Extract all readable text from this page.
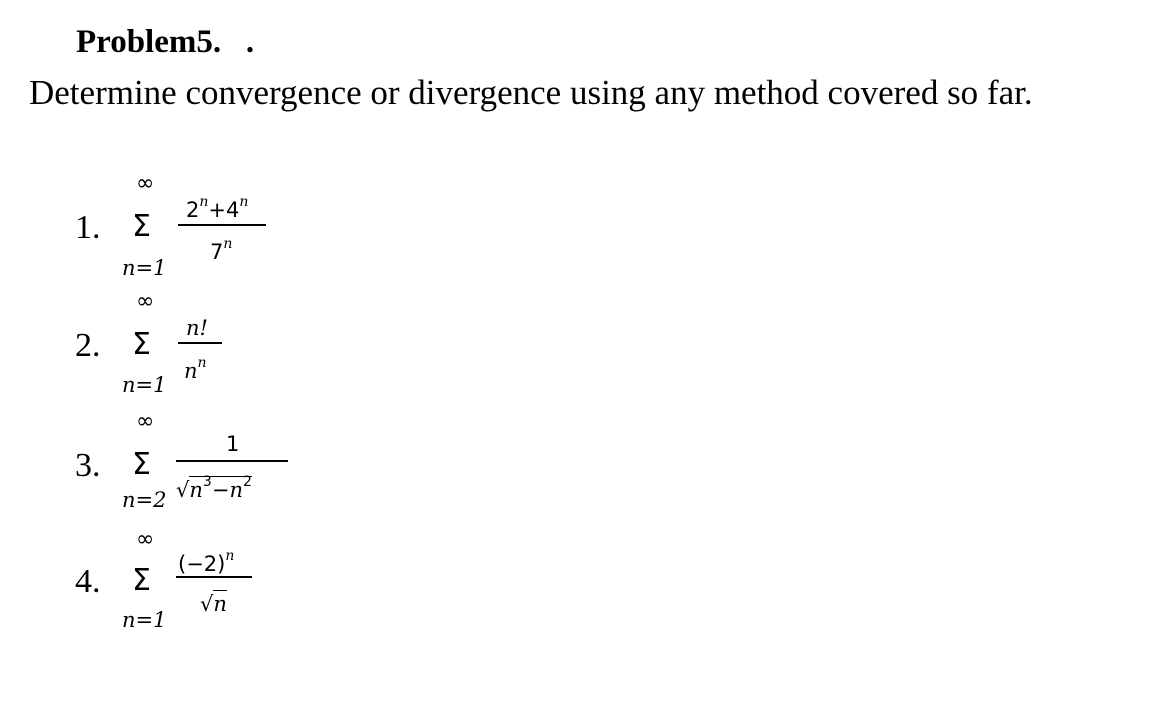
Problem5.   .
Determine convergence or divergence using any method covered so far.
1.
∞
Σ
n=1
$2^n+4^n$
7$^n$
2.
∞
Σ
n=1
n!
$n^n$
3.
∞
Σ
n=2
1
$√n^3-n^2$
4.
∞
Σ
n=1
$(-2)^n$
√n
